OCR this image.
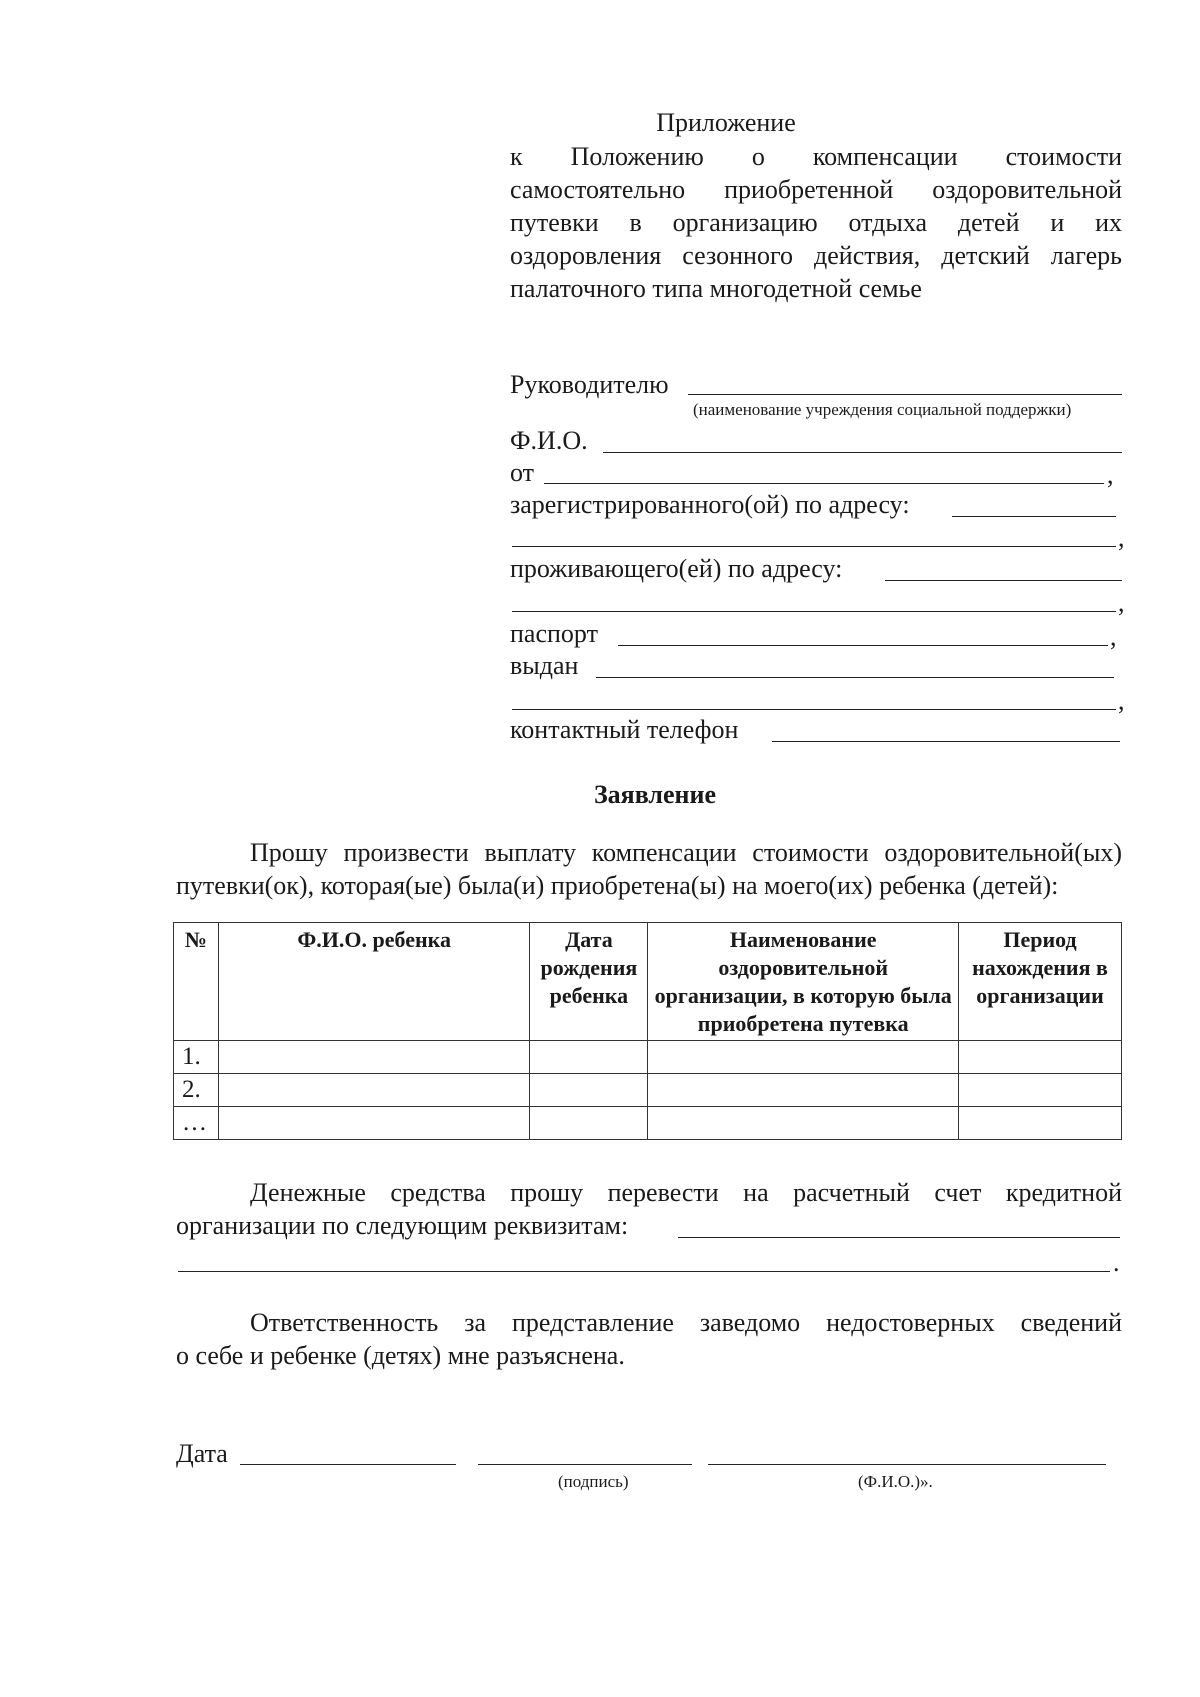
Приложение
к Положению о компенсации стоимости
самостоятельно приобретенной оздоровительной
путевки в организацию отдыха детей и их
оздоровления сезонного действия, детский лагерь
палаточного типа многодетной семье
Руководителю
(наименование учреждения социальной поддержки)
Ф.И.О.
от	,
зарегистрированного(ой) по адресу:
,
проживающего(ей) по адресу:
,
паспорт	,
выдан
,
контактный телефон
Заявление
Прошу произвести выплату компенсации стоимости оздоровительной(ых)
путевки(ок), которая(ые) была(и) приобретена(ы) на моего(их) ребенка (детей):
№	Ф.И.О. ребенка	Дата рождения ребенка	Наименование оздоровительной организации, в которую была приобретена путевка	Период нахождения в организации
1.				
2.				
…				
Денежные средства прошу перевести на расчетный счет кредитной
организации по следующим реквизитам:
.
Ответственность за представление заведомо недостоверных сведений
о себе и ребенке (детях) мне разъяснена.
Дата
(подпись)	(Ф.И.О.)».
